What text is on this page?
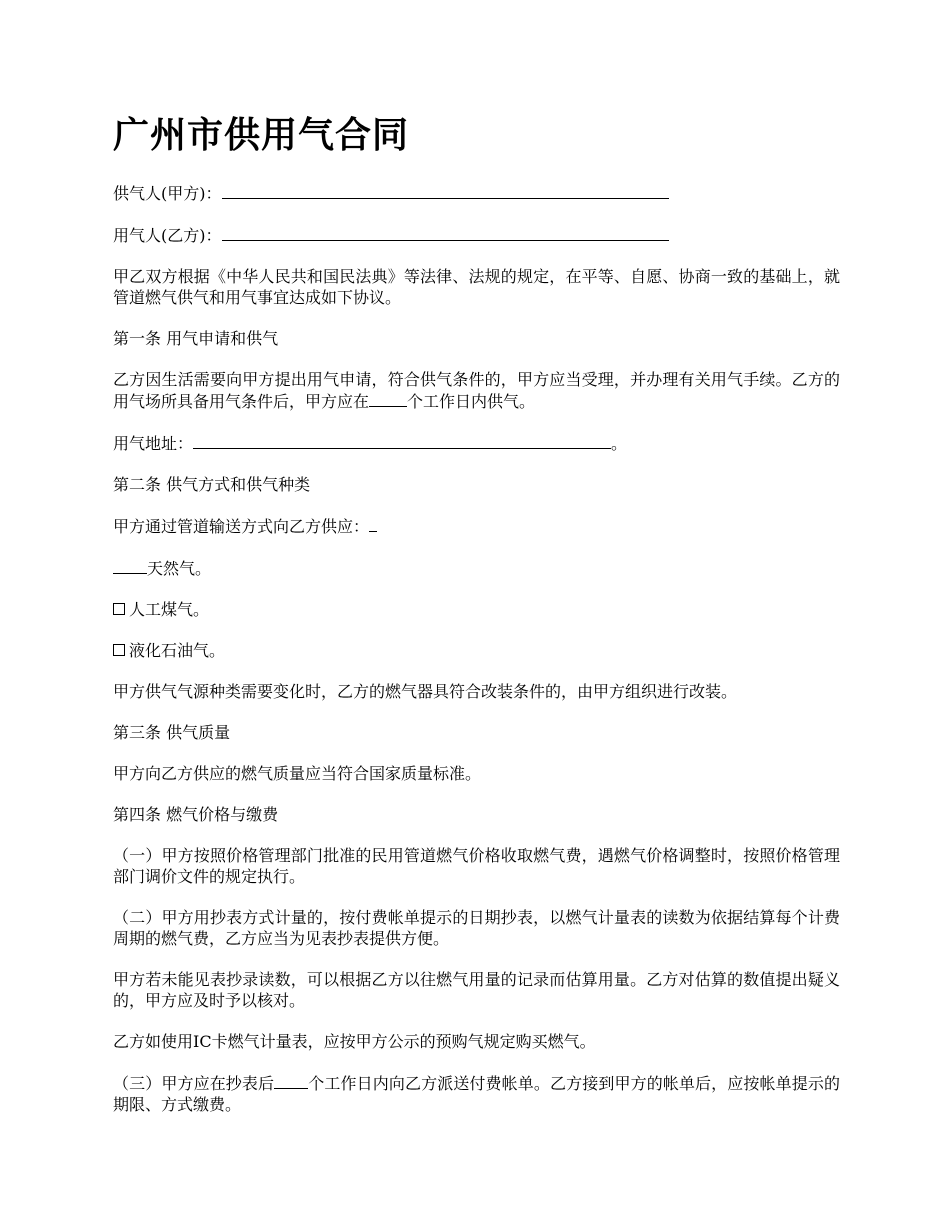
广州市供用气合同

供气人(甲方)：

用气人(乙方)：

甲乙双方根据《中华人民共和国民法典》等法律、法规的规定，在平等、自愿、协商一致的基础上，就管道燃气供气和用气事宜达成如下协议。

第一条 用气申请和供气

乙方因生活需要向甲方提出用气申请，符合供气条件的，甲方应当受理，并办理有关用气手续。乙方的用气场所具备用气条件后，甲方应在 个工作日内供气。

用气地址：	。

第二条 供气方式和供气种类

甲方通过管道输送方式向乙方供应：

天然气。

人工煤气。

液化石油气。

甲方供气气源种类需要变化时，乙方的燃气器具符合改装条件的，由甲方组织进行改装。

第三条 供气质量

甲方向乙方供应的燃气质量应当符合国家质量标准。

第四条 燃气价格与缴费

（一）甲方按照价格管理部门批准的民用管道燃气价格收取燃气费，遇燃气价格调整时，按照价格管理部门调价文件的规定执行。

（二）甲方用抄表方式计量的，按付费帐单提示的日期抄表，以燃气计量表的读数为依据结算每个计费周期的燃气费，乙方应当为见表抄表提供方便。

甲方若未能见表抄录读数，可以根据乙方以往燃气用量的记录而估算用量。乙方对估算的数值提出疑义的，甲方应及时予以核对。

乙方如使用IC卡燃气计量表，应按甲方公示的预购气规定购买燃气。

（三）甲方应在抄表后 个工作日内向乙方派送付费帐单。乙方接到甲方的帐单后，应按帐单提示的期限、方式缴费。
